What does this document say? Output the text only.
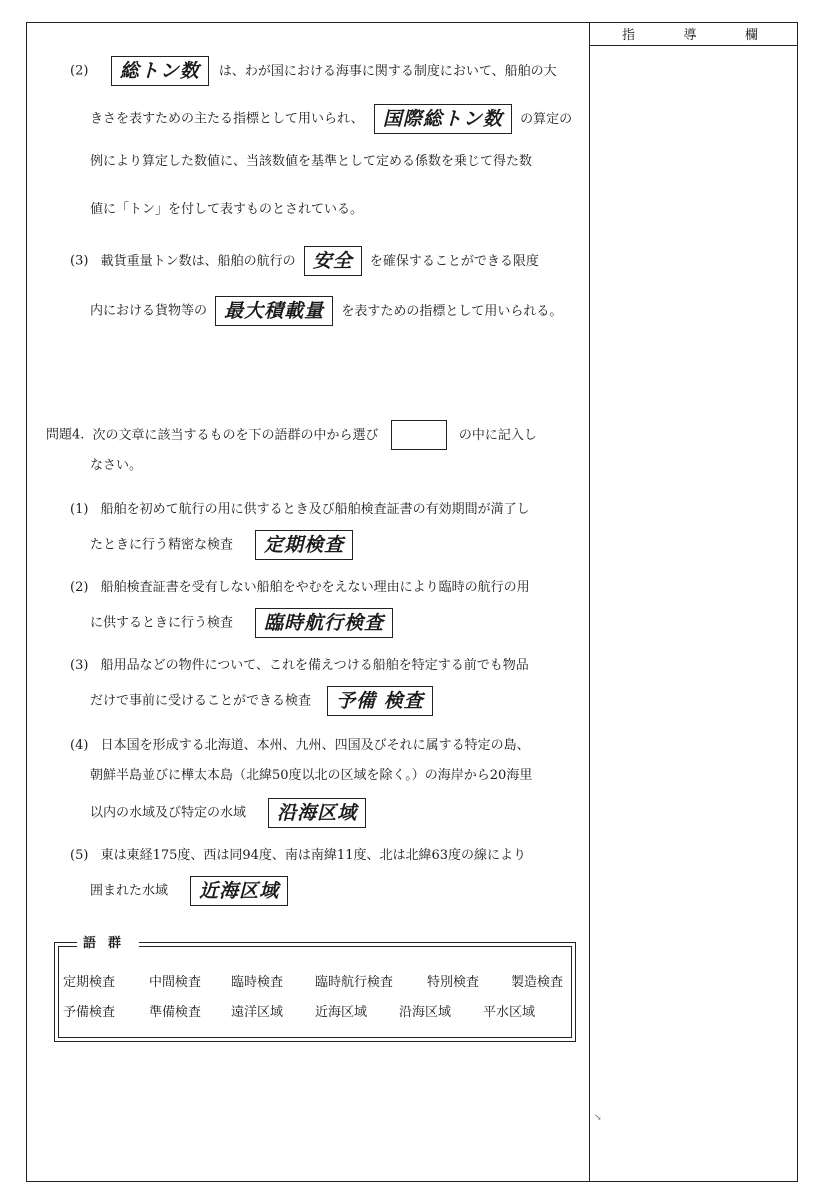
指	導	欄
(2) 総トン数 は、わが国における海事に関する制度において、船舶の大
きさを表すための主たる指標として用いられ、 国際総トン数 の算定の
例により算定した数値に、当該数値を基準として定める係数を乗じて得た数
値に「トン」を付して表すものとされている。
(3) 載貨重量トン数は、船舶の航行の 安全 を確保することができる限度
内における貨物等の 最大積載量 を表すための指標として用いられる。
問題4. 次の文章に該当するものを下の語群の中から選び	の中に記入し
なさい。
(1) 船舶を初めて航行の用に供するとき及び船舶検査証書の有効期間が満了し
たときに行う精密な検査 定期検査
(2) 船舶検査証書を受有しない船舶をやむをえない理由により臨時の航行の用
に供するときに行う検査 臨時航行検査
(3) 船用品などの物件について、これを備えつける船舶を特定する前でも物品
だけで事前に受けることができる検査 予備 検査
(4) 日本国を形成する北海道、本州、九州、四国及びそれに属する特定の島、
朝鮮半島並びに樺太本島（北緯50度以北の区域を除く。）の海岸から20海里
以内の水域及び特定の水域 沿海区域
(5) 東は東経175度、西は同94度、南は南緯11度、北は北緯63度の線により
囲まれた水域 近海区域
語群
定期検査	中間検査 臨時検査 臨時航行検査	特別検査 製造検査
予備検査	準備検査 遠洋区域 近海区域 沿海区域 平水区域
↘
